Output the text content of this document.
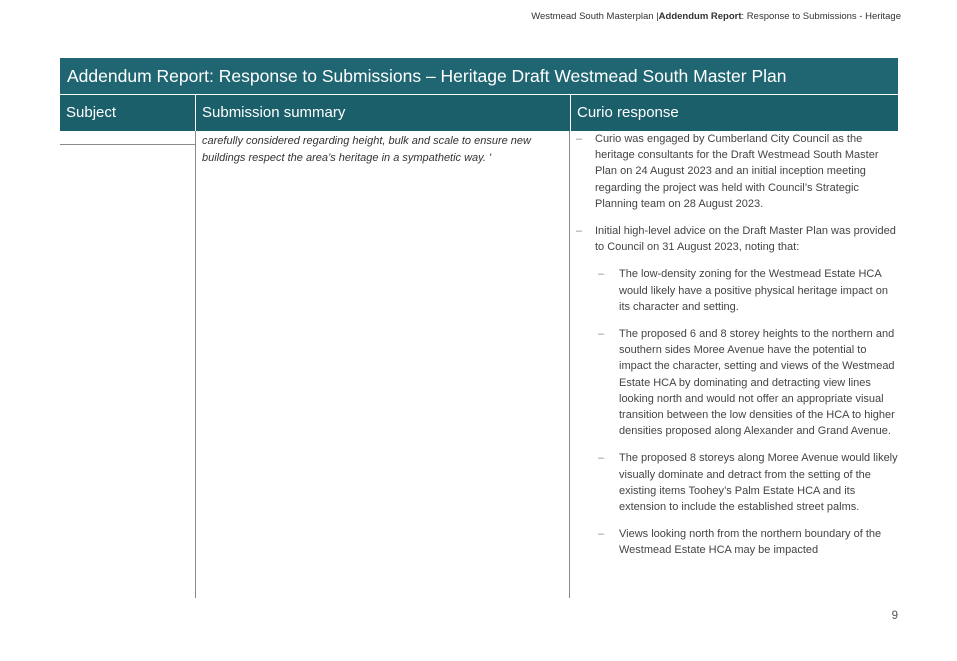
Westmead South Masterplan |Addendum Report: Response to Submissions - Heritage
Addendum Report: Response to Submissions – Heritage Draft Westmead South Master Plan
Subject	Submission summary	Curio response
carefully considered regarding height, bulk and scale to ensure new buildings respect the area’s heritage in a sympathetic way. '
– Curio was engaged by Cumberland City Council as the heritage consultants for the Draft Westmead South Master Plan on 24 August 2023 and an initial inception meeting regarding the project was held with Council’s Strategic Planning team on 28 August 2023.
– Initial high-level advice on the Draft Master Plan was provided to Council on 31 August 2023, noting that:
– The low-density zoning for the Westmead Estate HCA would likely have a positive physical heritage impact on its character and setting.
– The proposed 6 and 8 storey heights to the northern and southern sides Moree Avenue have the potential to impact the character, setting and views of the Westmead Estate HCA by dominating and detracting view lines looking north and would not offer an appropriate visual transition between the low densities of the HCA to higher densities proposed along Alexander and Grand Avenue.
– The proposed 8 storeys along Moree Avenue would likely visually dominate and detract from the setting of the existing items Toohey’s Palm Estate HCA and its extension to include the established street palms.
– Views looking north from the northern boundary of the Westmead Estate HCA may be impacted
9
